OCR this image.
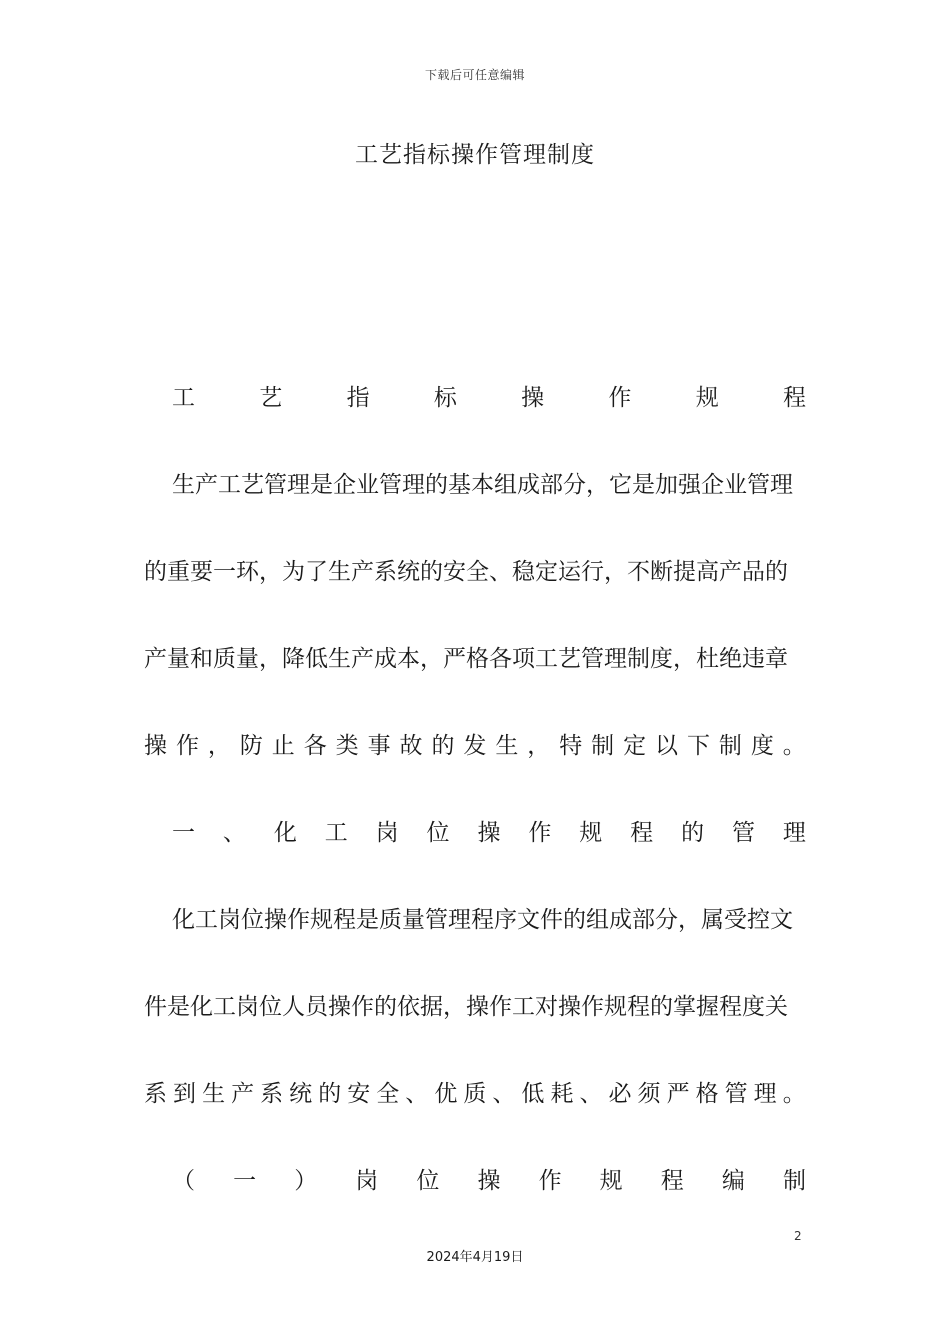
下载后可任意编辑
工艺指标操作管理制度
工	艺	指	标	操	作	规	程
生产工艺管理是企业管理的基本组成部分，它是加强企业管理
的重要一环，为了生产系统的安全、稳定运行，不断提高产品的
产量和质量，降低生产成本，严格各项工艺管理制度，杜绝违章
操 作 ， 防 止 各 类 事 故 的 发 生 ， 特 制 定 以 下 制 度 。
一 、 化 工 岗 位 操 作 规 程 的 管 理
化工岗位操作规程是质量管理程序文件的组成部分，属受控文
件是化工岗位人员操作的依据，操作工对操作规程的掌握程度关
系 到 生 产 系 统 的 安 全 、 优 质 、 低 耗 、 必 须 严 格 管 理 。
（ 一 ） 岗 位 操 作 规 程 编 制
2
2024年4月19日
